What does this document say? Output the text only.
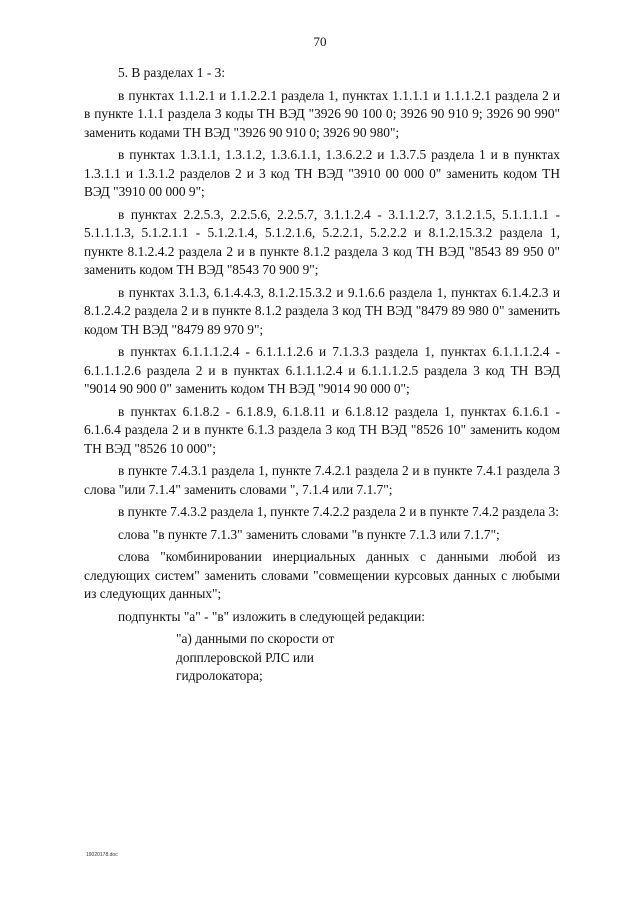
70

5. В разделах 1 - 3:

в пунктах 1.1.2.1 и 1.1.2.2.1 раздела 1, пунктах 1.1.1.1 и 1.1.1.2.1 раздела 2 и в пункте 1.1.1 раздела 3 коды ТН ВЭД "3926 90 100 0; 3926 90 910 9; 3926 90 990" заменить кодами ТН ВЭД "3926 90 910 0; 3926 90 980";

в пунктах 1.3.1.1, 1.3.1.2, 1.3.6.1.1, 1.3.6.2.2 и 1.3.7.5 раздела 1 и в пунктах 1.3.1.1 и 1.3.1.2 разделов 2 и 3 код ТН ВЭД "3910 00 000 0" заменить кодом ТН ВЭД "3910 00 000 9";

в пунктах 2.2.5.3, 2.2.5.6, 2.2.5.7, 3.1.1.2.4 - 3.1.1.2.7, 3.1.2.1.5, 5.1.1.1.1 - 5.1.1.1.3, 5.1.2.1.1 - 5.1.2.1.4, 5.1.2.1.6, 5.2.2.1, 5.2.2.2 и 8.1.2.15.3.2 раздела 1, пункте 8.1.2.4.2 раздела 2 и в пункте 8.1.2 раздела 3 код ТН ВЭД "8543 89 950 0" заменить кодом ТН ВЭД "8543 70 900 9";

в пунктах 3.1.3, 6.1.4.4.3, 8.1.2.15.3.2 и 9.1.6.6 раздела 1, пунктах 6.1.4.2.3 и 8.1.2.4.2 раздела 2 и в пункте 8.1.2 раздела 3 код ТН ВЭД "8479 89 980 0" заменить кодом ТН ВЭД "8479 89 970 9";

в пунктах 6.1.1.1.2.4 - 6.1.1.1.2.6 и 7.1.3.3 раздела 1, пунктах 6.1.1.1.2.4 - 6.1.1.1.2.6 раздела 2 и в пунктах 6.1.1.1.2.4 и 6.1.1.1.2.5 раздела 3 код ТН ВЭД "9014 90 900 0" заменить кодом ТН ВЭД "9014 90 000 0";

в пунктах 6.1.8.2 - 6.1.8.9, 6.1.8.11 и 6.1.8.12 раздела 1, пунктах 6.1.6.1 - 6.1.6.4 раздела 2 и в пункте 6.1.3 раздела 3 код ТН ВЭД "8526 10" заменить кодом ТН ВЭД "8526 10 000";

в пункте 7.4.3.1 раздела 1, пункте 7.4.2.1 раздела 2 и в пункте 7.4.1 раздела 3 слова "или 7.1.4" заменить словами ", 7.1.4 или 7.1.7";

в пункте 7.4.3.2 раздела 1, пункте 7.4.2.2 раздела 2 и в пункте 7.4.2 раздела 3:

слова "в пункте 7.1.3" заменить словами "в пункте 7.1.3 или 7.1.7";

слова "комбинировании инерциальных данных с данными любой из следующих систем" заменить словами "совмещении курсовых данных с любыми из следующих данных";

подпункты "а" - "в" изложить в следующей редакции:

"а) данными по скорости от

допплеровской РЛС или

гидролокатора;

19020178.doc
